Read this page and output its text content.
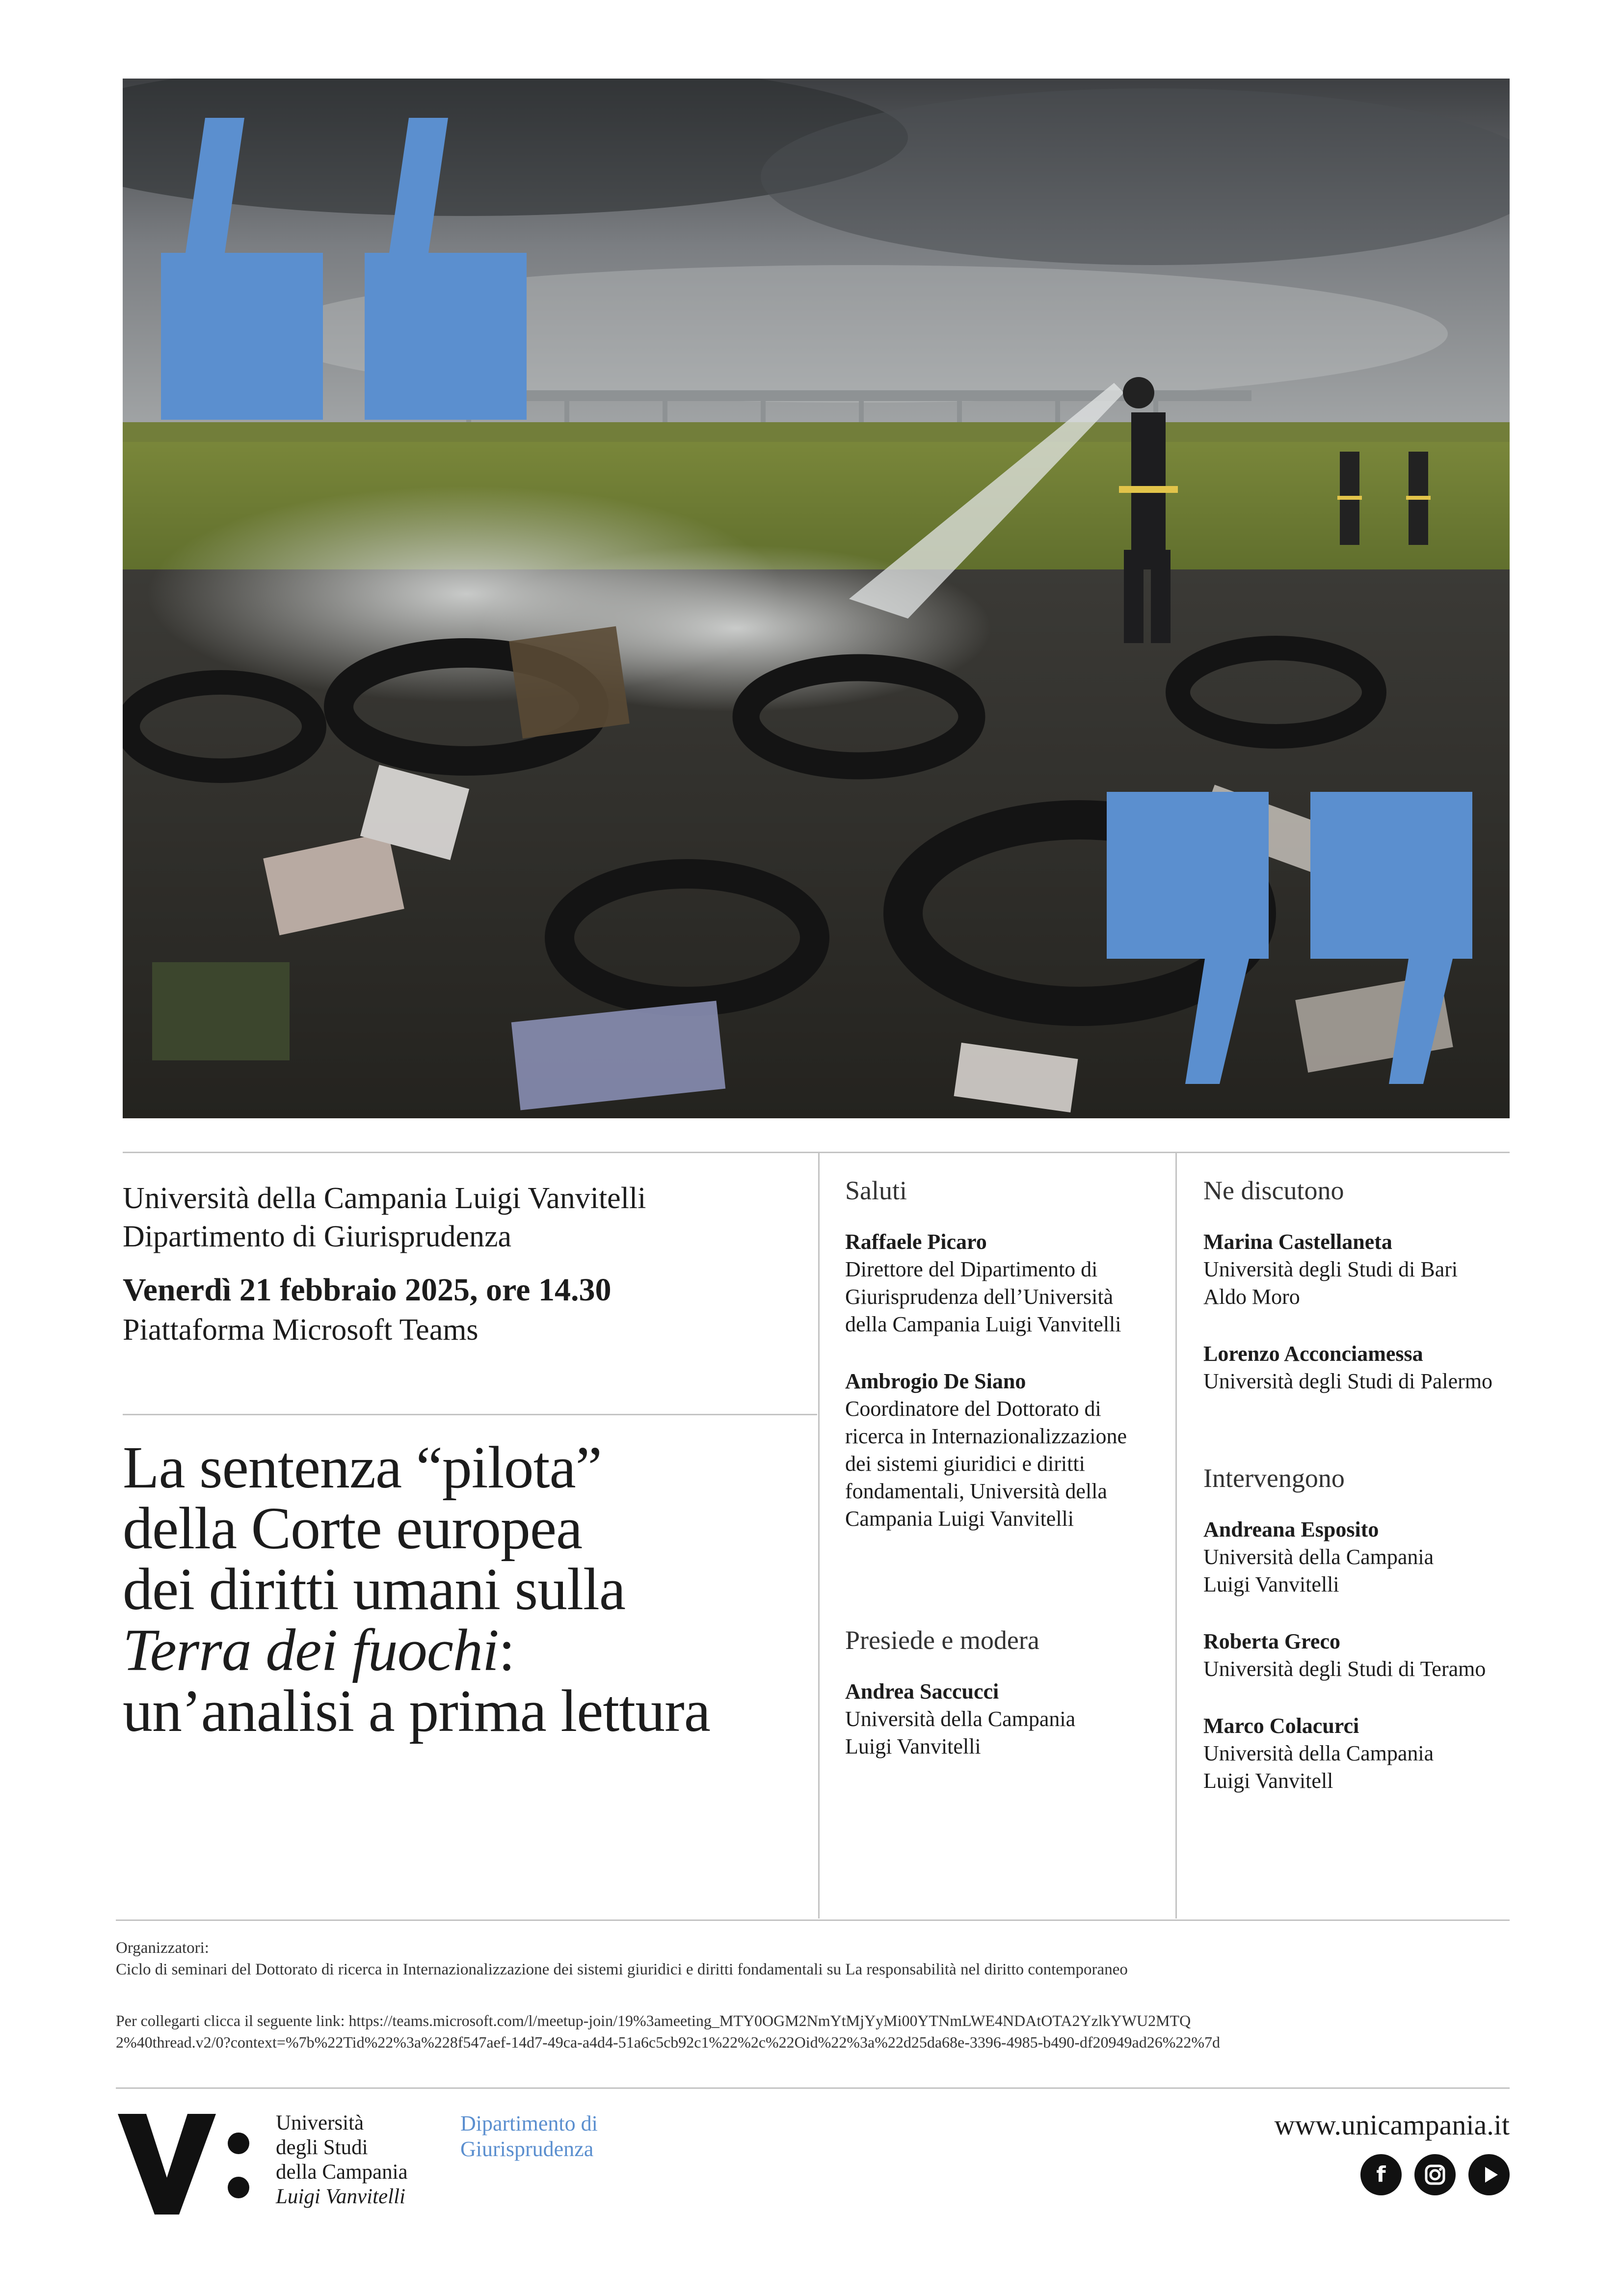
Università della Campania Luigi Vanvitelli
Dipartimento di Giurisprudenza
Venerdì 21 febbraio 2025, ore 14.30
Piattaforma Microsoft Teams
La sentenza “pilota”
della Corte europea
dei diritti umani sulla
Terra dei fuochi:
un’analisi a prima lettura
Saluti
Raffaele Picaro
Direttore del Dipartimento di
Giurisprudenza dell’Università
della Campania Luigi Vanvitelli
Ambrogio De Siano
Coordinatore del Dottorato di
ricerca in Internazionalizzazione
dei sistemi giuridici e diritti
fondamentali, Università della
Campania Luigi Vanvitelli
Presiede e modera
Andrea Saccucci
Università della Campania
Luigi Vanvitelli
Ne discutono
Marina Castellaneta
Università degli Studi di Bari
Aldo Moro
Lorenzo Acconciamessa
Università degli Studi di Palermo
Intervengono
Andreana Esposito
Università della Campania
Luigi Vanvitelli
Roberta Greco
Università degli Studi di Teramo
Marco Colacurci
Università della Campania
Luigi Vanvitell
Organizzatori:
Ciclo di seminari del Dottorato di ricerca in Internazionalizzazione dei sistemi giuridici e diritti fondamentali su La responsabilità nel diritto contemporaneo
Per collegarti clicca il seguente link: https://teams.microsoft.com/l/meetup-join/19%3ameeting_MTY0OGM2NmYtMjYyMi00YTNmLWE4NDAtOTA2YzlkYWU2MTQ
2%40thread.v2/0?context=%7b%22Tid%22%3a%228f547aef-14d7-49ca-a4d4-51a6c5cb92c1%22%2c%22Oid%22%3a%22d25da68e-3396-4985-b490-df20949ad26%22%7d
Università
degli Studi
della Campania
Luigi Vanvitelli
Dipartimento di
Giurisprudenza
www.unicampania.it
f
